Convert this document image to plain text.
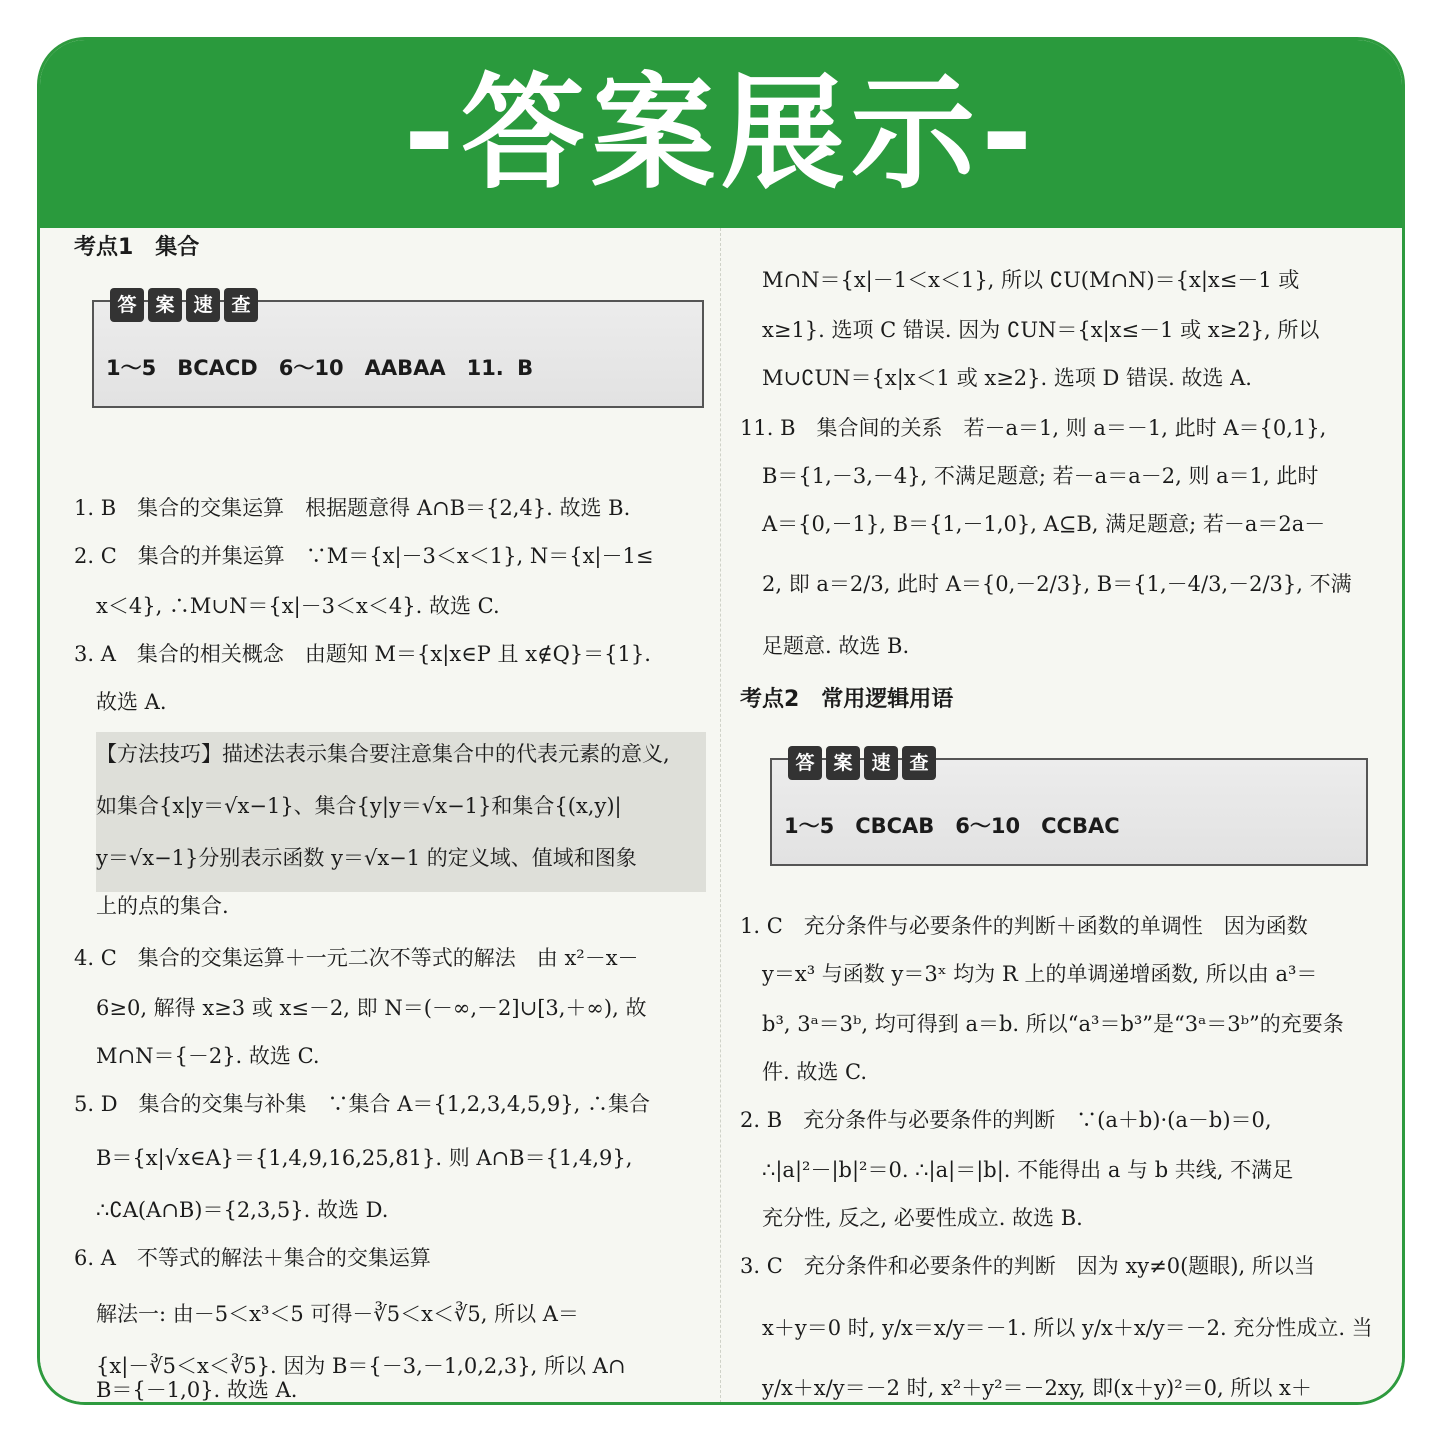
-答案展示-
考点1　集合
答 案 速 查
1～5　BCACD　6～10　AABAA　11. B
1. B　集合的交集运算　根据题意得 A∩B＝{2,4}. 故选 B.
2. C　集合的并集运算　∵M＝{x|－3＜x＜1}, N＝{x|－1≤
x＜4}, ∴M∪N＝{x|－3＜x＜4}. 故选 C.
3. A　集合的相关概念　由题知 M＝{x|x∈P 且 x∉Q}＝{1}.
故选 A.
【方法技巧】描述法表示集合要注意集合中的代表元素的意义,
如集合{x|y＝√x−1}、集合{y|y＝√x−1}和集合{(x,y)|
y＝√x−1}分别表示函数 y＝√x−1 的定义域、值域和图象
上的点的集合.
4. C　集合的交集运算＋一元二次不等式的解法　由 x²－x－
6≥0, 解得 x≥3 或 x≤－2, 即 N＝(－∞,－2]∪[3,＋∞), 故
M∩N＝{－2}. 故选 C.
5. D　集合的交集与补集　∵集合 A＝{1,2,3,4,5,9}, ∴集合
B＝{x|√x∈A}＝{1,4,9,16,25,81}. 则 A∩B＝{1,4,9},
∴∁A(A∩B)＝{2,3,5}. 故选 D.
6. A　不等式的解法＋集合的交集运算
解法一: 由－5＜x³＜5 可得－∛5＜x＜∛5, 所以 A＝
{x|－∛5＜x＜∛5}. 因为 B＝{－3,－1,0,2,3}, 所以 A∩
M∩N＝{x|－1＜x＜1}, 所以 ∁U(M∩N)＝{x|x≤－1 或
x≥1}. 选项 C 错误. 因为 ∁UN＝{x|x≤－1 或 x≥2}, 所以
M∪∁UN＝{x|x＜1 或 x≥2}. 选项 D 错误. 故选 A.
11. B　集合间的关系　若－a＝1, 则 a＝－1, 此时 A＝{0,1},
B＝{1,－3,－4}, 不满足题意; 若－a＝a－2, 则 a＝1, 此时
A＝{0,－1}, B＝{1,－1,0}, A⊆B, 满足题意; 若－a＝2a－
2, 即 a＝2/3, 此时 A＝{0,－2/3}, B＝{1,－4/3,－2/3}, 不满
足题意. 故选 B.
考点2　常用逻辑用语
答 案 速 查
1～5　CBCAB　6～10　CCBAC
1. C　充分条件与必要条件的判断＋函数的单调性　因为函数
y＝x³ 与函数 y＝3ˣ 均为 R 上的单调递增函数, 所以由 a³＝
b³, 3ᵃ＝3ᵇ, 均可得到 a＝b. 所以“a³＝b³”是“3ᵃ＝3ᵇ”的充要条
件. 故选 C.
2. B　充分条件与必要条件的判断　∵(a＋b)·(a－b)＝0,
∴|a|²－|b|²＝0. ∴|a|＝|b|. 不能得出 a 与 b 共线, 不满足
充分性, 反之, 必要性成立. 故选 B.
3. C　充分条件和必要条件的判断　因为 xy≠0(题眼), 所以当
x＋y＝0 时, y/x＝x/y＝－1. 所以 y/x＋x/y＝－2. 充分性成立. 当
y/x＋x/y＝－2 时, x²＋y²＝－2xy, 即(x＋y)²＝0, 所以 x＋
B＝{－1,0}. 故选 A.
